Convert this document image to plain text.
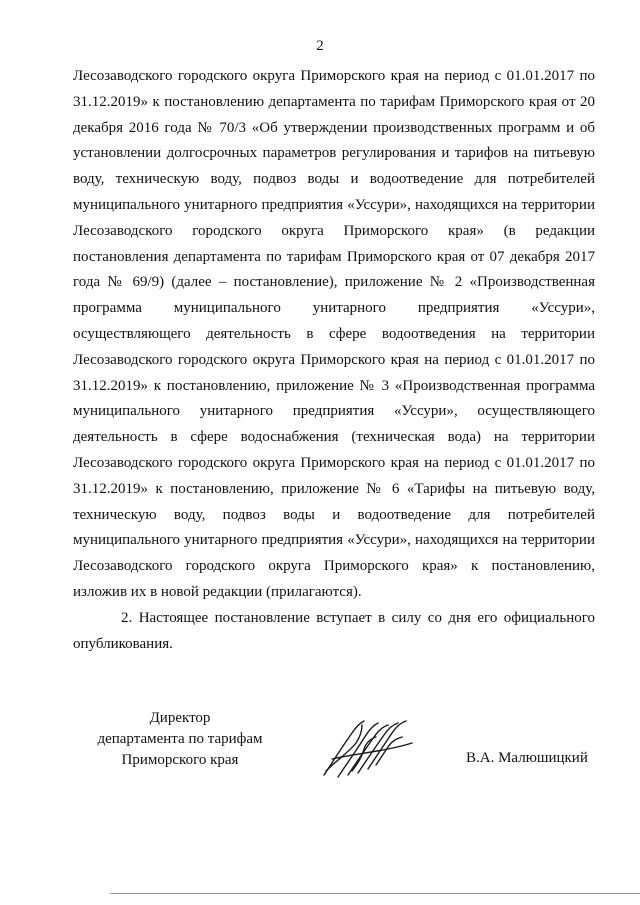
2

Лесозаводского городского округа Приморского края на период с 01.01.2017 по 31.12.2019» к постановлению департамента по тарифам Приморского края от 20 декабря 2016 года № 70/3 «Об утверждении производственных программ и об установлении долгосрочных параметров регулирования и тарифов на питьевую воду, техническую воду, подвоз воды и водоотведение для потребителей муниципального унитарного предприятия «Уссури», находящихся на территории Лесозаводского городского округа Приморского края» (в редакции постановления департамента по тарифам Приморского края от 07 декабря 2017 года № 69/9) (далее – постановление), приложение № 2 «Производственная программа муниципального унитарного предприятия «Уссури», осуществляющего деятельность в сфере водоотведения на территории Лесозаводского городского округа Приморского края на период с 01.01.2017 по 31.12.2019» к постановлению, приложение № 3 «Производственная программа муниципального унитарного предприятия «Уссури», осуществляющего деятельность в сфере водоснабжения (техническая вода) на территории Лесозаводского городского округа Приморского края на период с 01.01.2017 по 31.12.2019» к постановлению, приложение № 6 «Тарифы на питьевую воду, техническую воду, подвоз воды и водоотведение для потребителей муниципального унитарного предприятия «Уссури», находящихся на территории Лесозаводского городского округа Приморского края» к постановлению, изложив их в новой редакции (прилагаются).

2. Настоящее постановление вступает в силу со дня его официального опубликования.

Директор
департамента по тарифам
Приморского края	В.А. Малюшицкий
